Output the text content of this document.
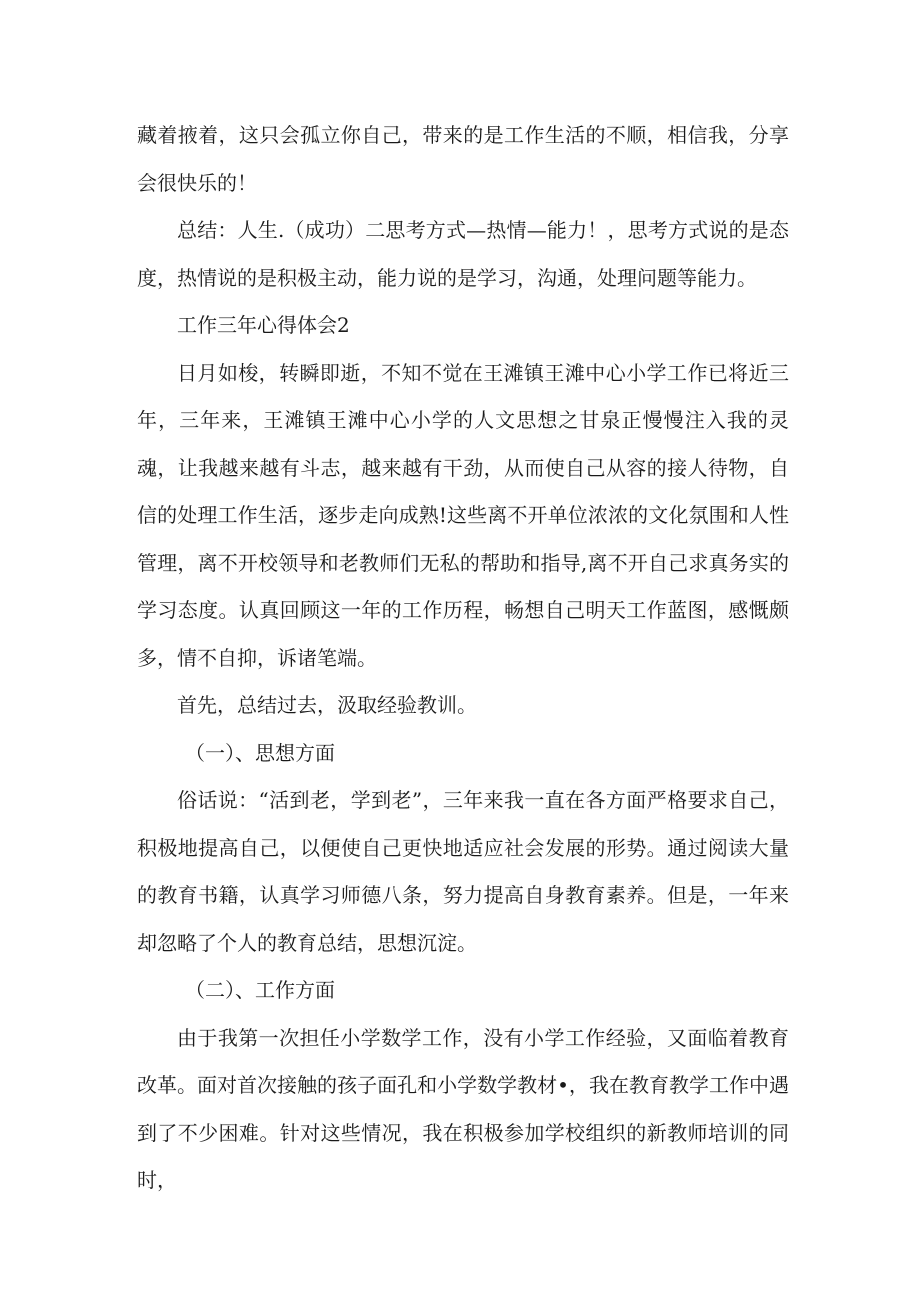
藏着掖着，这只会孤立你自己，带来的是工作生活的不顺，相信我，分享会很快乐的！

总结：人生.（成功）二思考方式—热情—能力！，思考方式说的是态度，热情说的是积极主动，能力说的是学习，沟通，处理问题等能力。

工作三年心得体会2

日月如梭，转瞬即逝，不知不觉在王滩镇王滩中心小学工作已将近三年，三年来，王滩镇王滩中心小学的人文思想之甘泉正慢慢注入我的灵魂，让我越来越有斗志，越来越有干劲，从而使自己从容的接人待物，自信的处理工作生活，逐步走向成熟!这些离不开单位浓浓的文化氛围和人性管理，离不开校领导和老教师们无私的帮助和指导,离不开自己求真务实的学习态度。认真回顾这一年的工作历程，畅想自己明天工作蓝图，感慨颇多，情不自抑，诉诸笔端。

首先，总结过去，汲取经验教训。

（一）、思想方面

俗话说：“活到老，学到老”，三年来我一直在各方面严格要求自己，积极地提高自己，以便使自己更快地适应社会发展的形势。通过阅读大量的教育书籍，认真学习师德八条，努力提高自身教育素养。但是，一年来却忽略了个人的教育总结，思想沉淀。

（二）、工作方面

由于我第一次担任小学数学工作，没有小学工作经验，又面临着教育改革。面对首次接触的孩子面孔和小学数学教材•，我在教育教学工作中遇到了不少困难。针对这些情况，我在积极参加学校组织的新教师培训的同时，
